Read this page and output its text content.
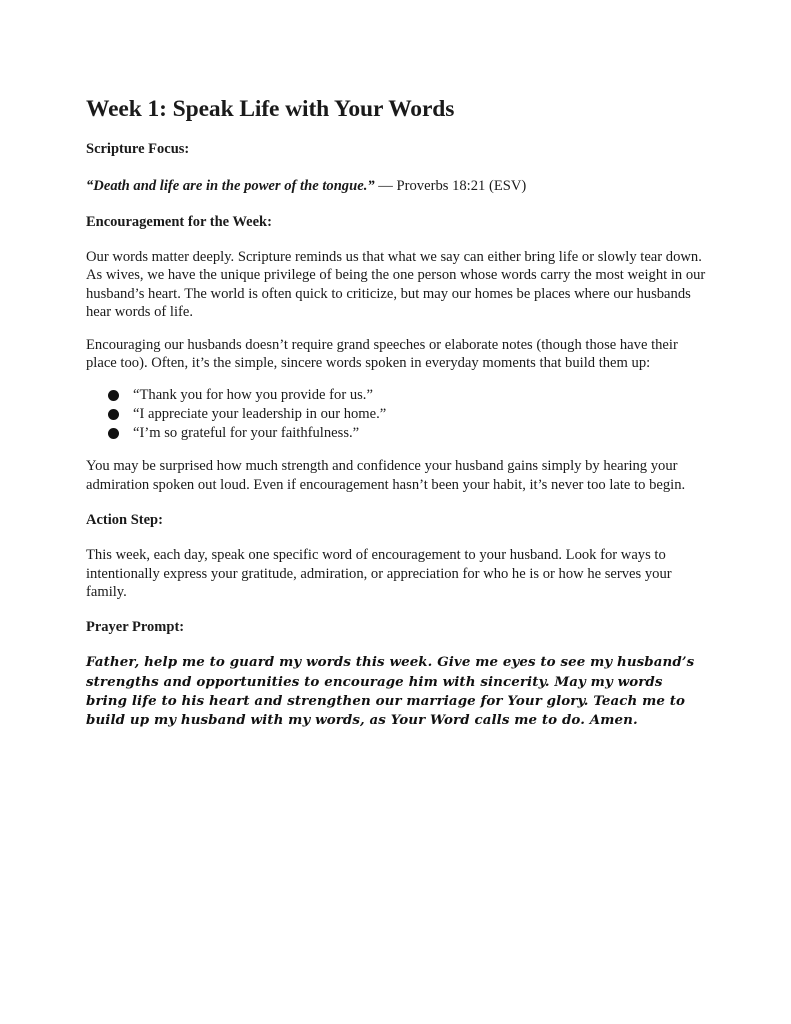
Week 1: Speak Life with Your Words
Scripture Focus:
“Death and life are in the power of the tongue.” — Proverbs 18:21 (ESV)
Encouragement for the Week:

Our words matter deeply. Scripture reminds us that what we say can either bring life or slowly tear down. As wives, we have the unique privilege of being the one person whose words carry the most weight in our husband’s heart. The world is often quick to criticize, but may our homes be places where our husbands hear words of life.

Encouraging our husbands doesn’t require grand speeches or elaborate notes (though those have their place too). Often, it’s the simple, sincere words spoken in everyday moments that build them up:

“Thank you for how you provide for us.”
“I appreciate your leadership in our home.”
“I’m so grateful for your faithfulness.”

You may be surprised how much strength and confidence your husband gains simply by hearing your admiration spoken out loud. Even if encouragement hasn’t been your habit, it’s never too late to begin.

Action Step:

This week, each day, speak one specific word of encouragement to your husband. Look for ways to intentionally express your gratitude, admiration, or appreciation for who he is or how he serves your family.

Prayer Prompt:

Father, help me to guard my words this week. Give me eyes to see my husband’s strengths and opportunities to encourage him with sincerity. May my words bring life to his heart and strengthen our marriage for Your glory. Teach me to build up my husband with my words, as Your Word calls me to do. Amen.
